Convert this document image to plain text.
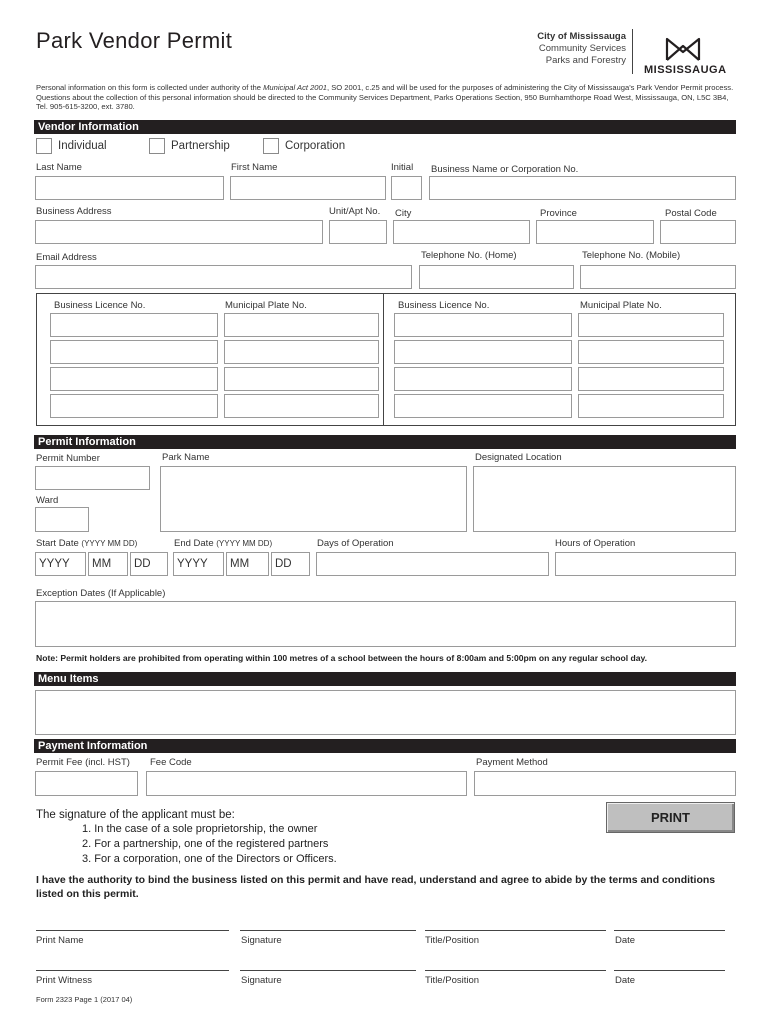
Park Vendor Permit	City of Mississauga
Community Services
Parks and Forestry
MISSISSAUGA
Personal information on this form is collected under authority of the Municipal Act 2001, SO 2001, c.25 and will be used for the purposes of administering the City of Mississauga's Park Vendor Permit process. Questions about the collection of this personal information should be directed to the Community Services Department, Parks Operations Section, 950 Burnhamthorpe Road West, Mississauga, ON, L5C 3B4, Tel. 905-615-3200, ext. 3780.
Vendor Information
Individual	Partnership	Corporation
Last Name	First Name	Initial Business Name or Corporation No.
Business Address	Unit/Apt No. City	Province	Postal Code
Email Address	Telephone No. (Home)	Telephone No. (Mobile)
Business Licence No.	Municipal Plate No.	Business Licence No.	Municipal Plate No.
Permit Information
Permit Number	Park Name	Designated Location
Ward
Start Date (YYYY MM DD)	End Date (YYYY MM DD)	Days of Operation	Hours of Operation
YYYY	MM	DD	YYYY	MM	DD
Exception Dates (If Applicable)
Note: Permit holders are prohibited from operating within 100 metres of a school between the hours of 8:00am and 5:00pm on any regular school day.
Menu Items
Payment Information
Permit Fee (incl. HST) Fee Code	Payment Method
The signature of the applicant must be:
1. In the case of a sole proprietorship, the owner
2. For a partnership, one of the registered partners
3. For a corporation, one of the Directors or Officers.
PRINT
I have the authority to bind the business listed on this permit and have read, understand and agree to abide by the terms and conditions listed on this permit.
Print Name	Signature	Title/Position	Date
Print Witness	Signature	Title/Position	Date
Form 2323 Page 1 (2017 04)
